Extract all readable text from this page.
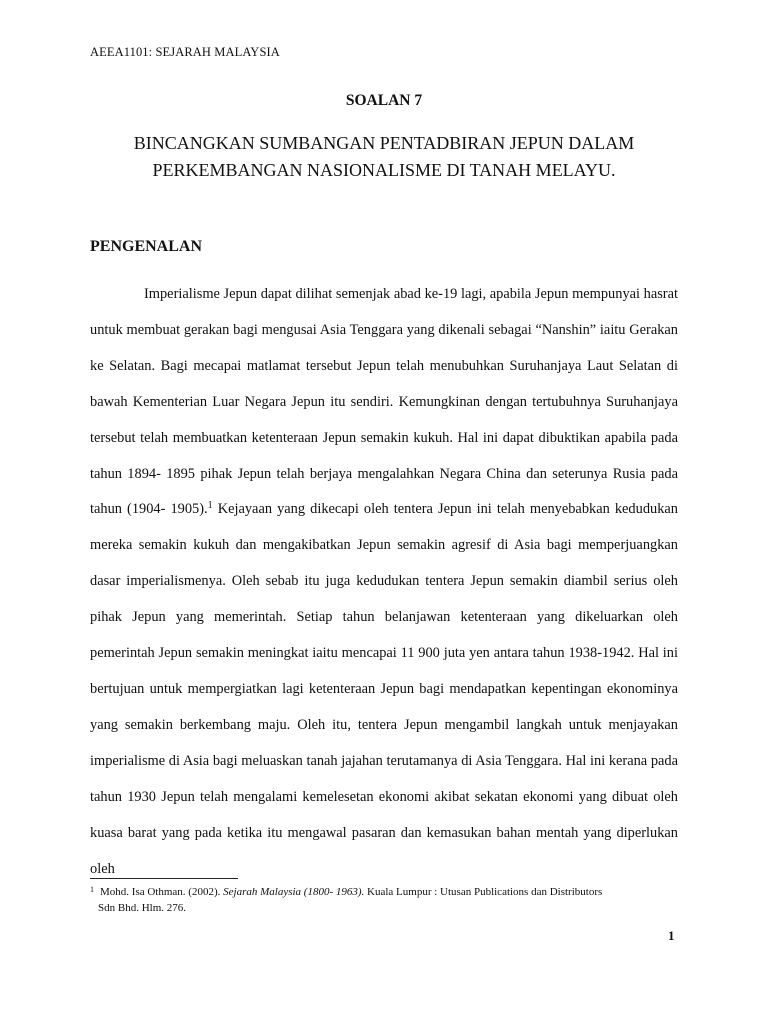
AEEA1101: SEJARAH MALAYSIA
SOALAN 7
BINCANGKAN SUMBANGAN PENTADBIRAN JEPUN DALAM PERKEMBANGAN NASIONALISME DI TANAH MELAYU.
PENGENALAN

Imperialisme Jepun dapat dilihat semenjak abad ke-19 lagi, apabila Jepun mempunyai hasrat untuk membuat gerakan bagi mengusai Asia Tenggara yang dikenali sebagai “Nanshin” iaitu Gerakan ke Selatan. Bagi mecapai matlamat tersebut Jepun telah menubuhkan Suruhanjaya Laut Selatan di bawah Kementerian Luar Negara Jepun itu sendiri. Kemungkinan dengan tertubuhnya Suruhanjaya tersebut telah membuatkan ketenteraan Jepun semakin kukuh. Hal ini dapat dibuktikan apabila pada tahun 1894- 1895 pihak Jepun telah berjaya mengalahkan Negara China dan seterunya Rusia pada tahun (1904- 1905).$^1$ Kejayaan yang dikecapi oleh tentera Jepun ini telah menyebabkan kedudukan mereka semakin kukuh dan mengakibatkan Jepun semakin agresif di Asia bagi memperjuangkan dasar imperialismenya. Oleh sebab itu juga kedudukan tentera Jepun semakin diambil serius oleh pihak Jepun yang memerintah. Setiap tahun belanjawan ketenteraan yang dikeluarkan oleh pemerintah Jepun semakin meningkat iaitu mencapai 11 900 juta yen antara tahun 1938-1942. Hal ini bertujuan untuk mempergiatkan lagi ketenteraan Jepun bagi mendapatkan kepentingan ekonominya yang semakin berkembang maju. Oleh itu, tentera Jepun mengambil langkah untuk menjayakan imperialisme di Asia bagi meluaskan tanah jajahan terutamanya di Asia Tenggara. Hal ini kerana pada tahun 1930 Jepun telah mengalami kemelesetan ekonomi akibat sekatan ekonomi yang dibuat oleh kuasa barat yang pada ketika itu mengawal pasaran dan kemasukan bahan mentah yang diperlukan oleh

$^1$ Mohd. Isa Othman. (2002). Sejarah Malaysia (1800- 1963). Kuala Lumpur : Utusan Publications dan Distributors
Sdn Bhd. Hlm. 276.
1
